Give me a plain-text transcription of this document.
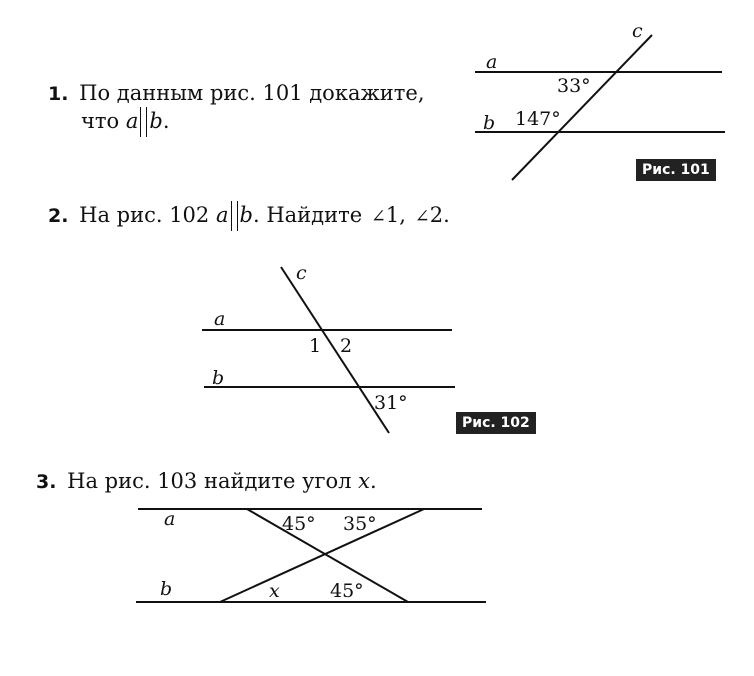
1. По данным рис. 101 докажите,
что a b.
a
b
c
33°
147°
Рис. 101
2. На рис. 102 a b. Найдите ∠1, ∠2.
a
b
c
1 2
31°
Рис. 102
3. На рис. 103 найдите угол x.
a
b
45° 35°
x	45°
